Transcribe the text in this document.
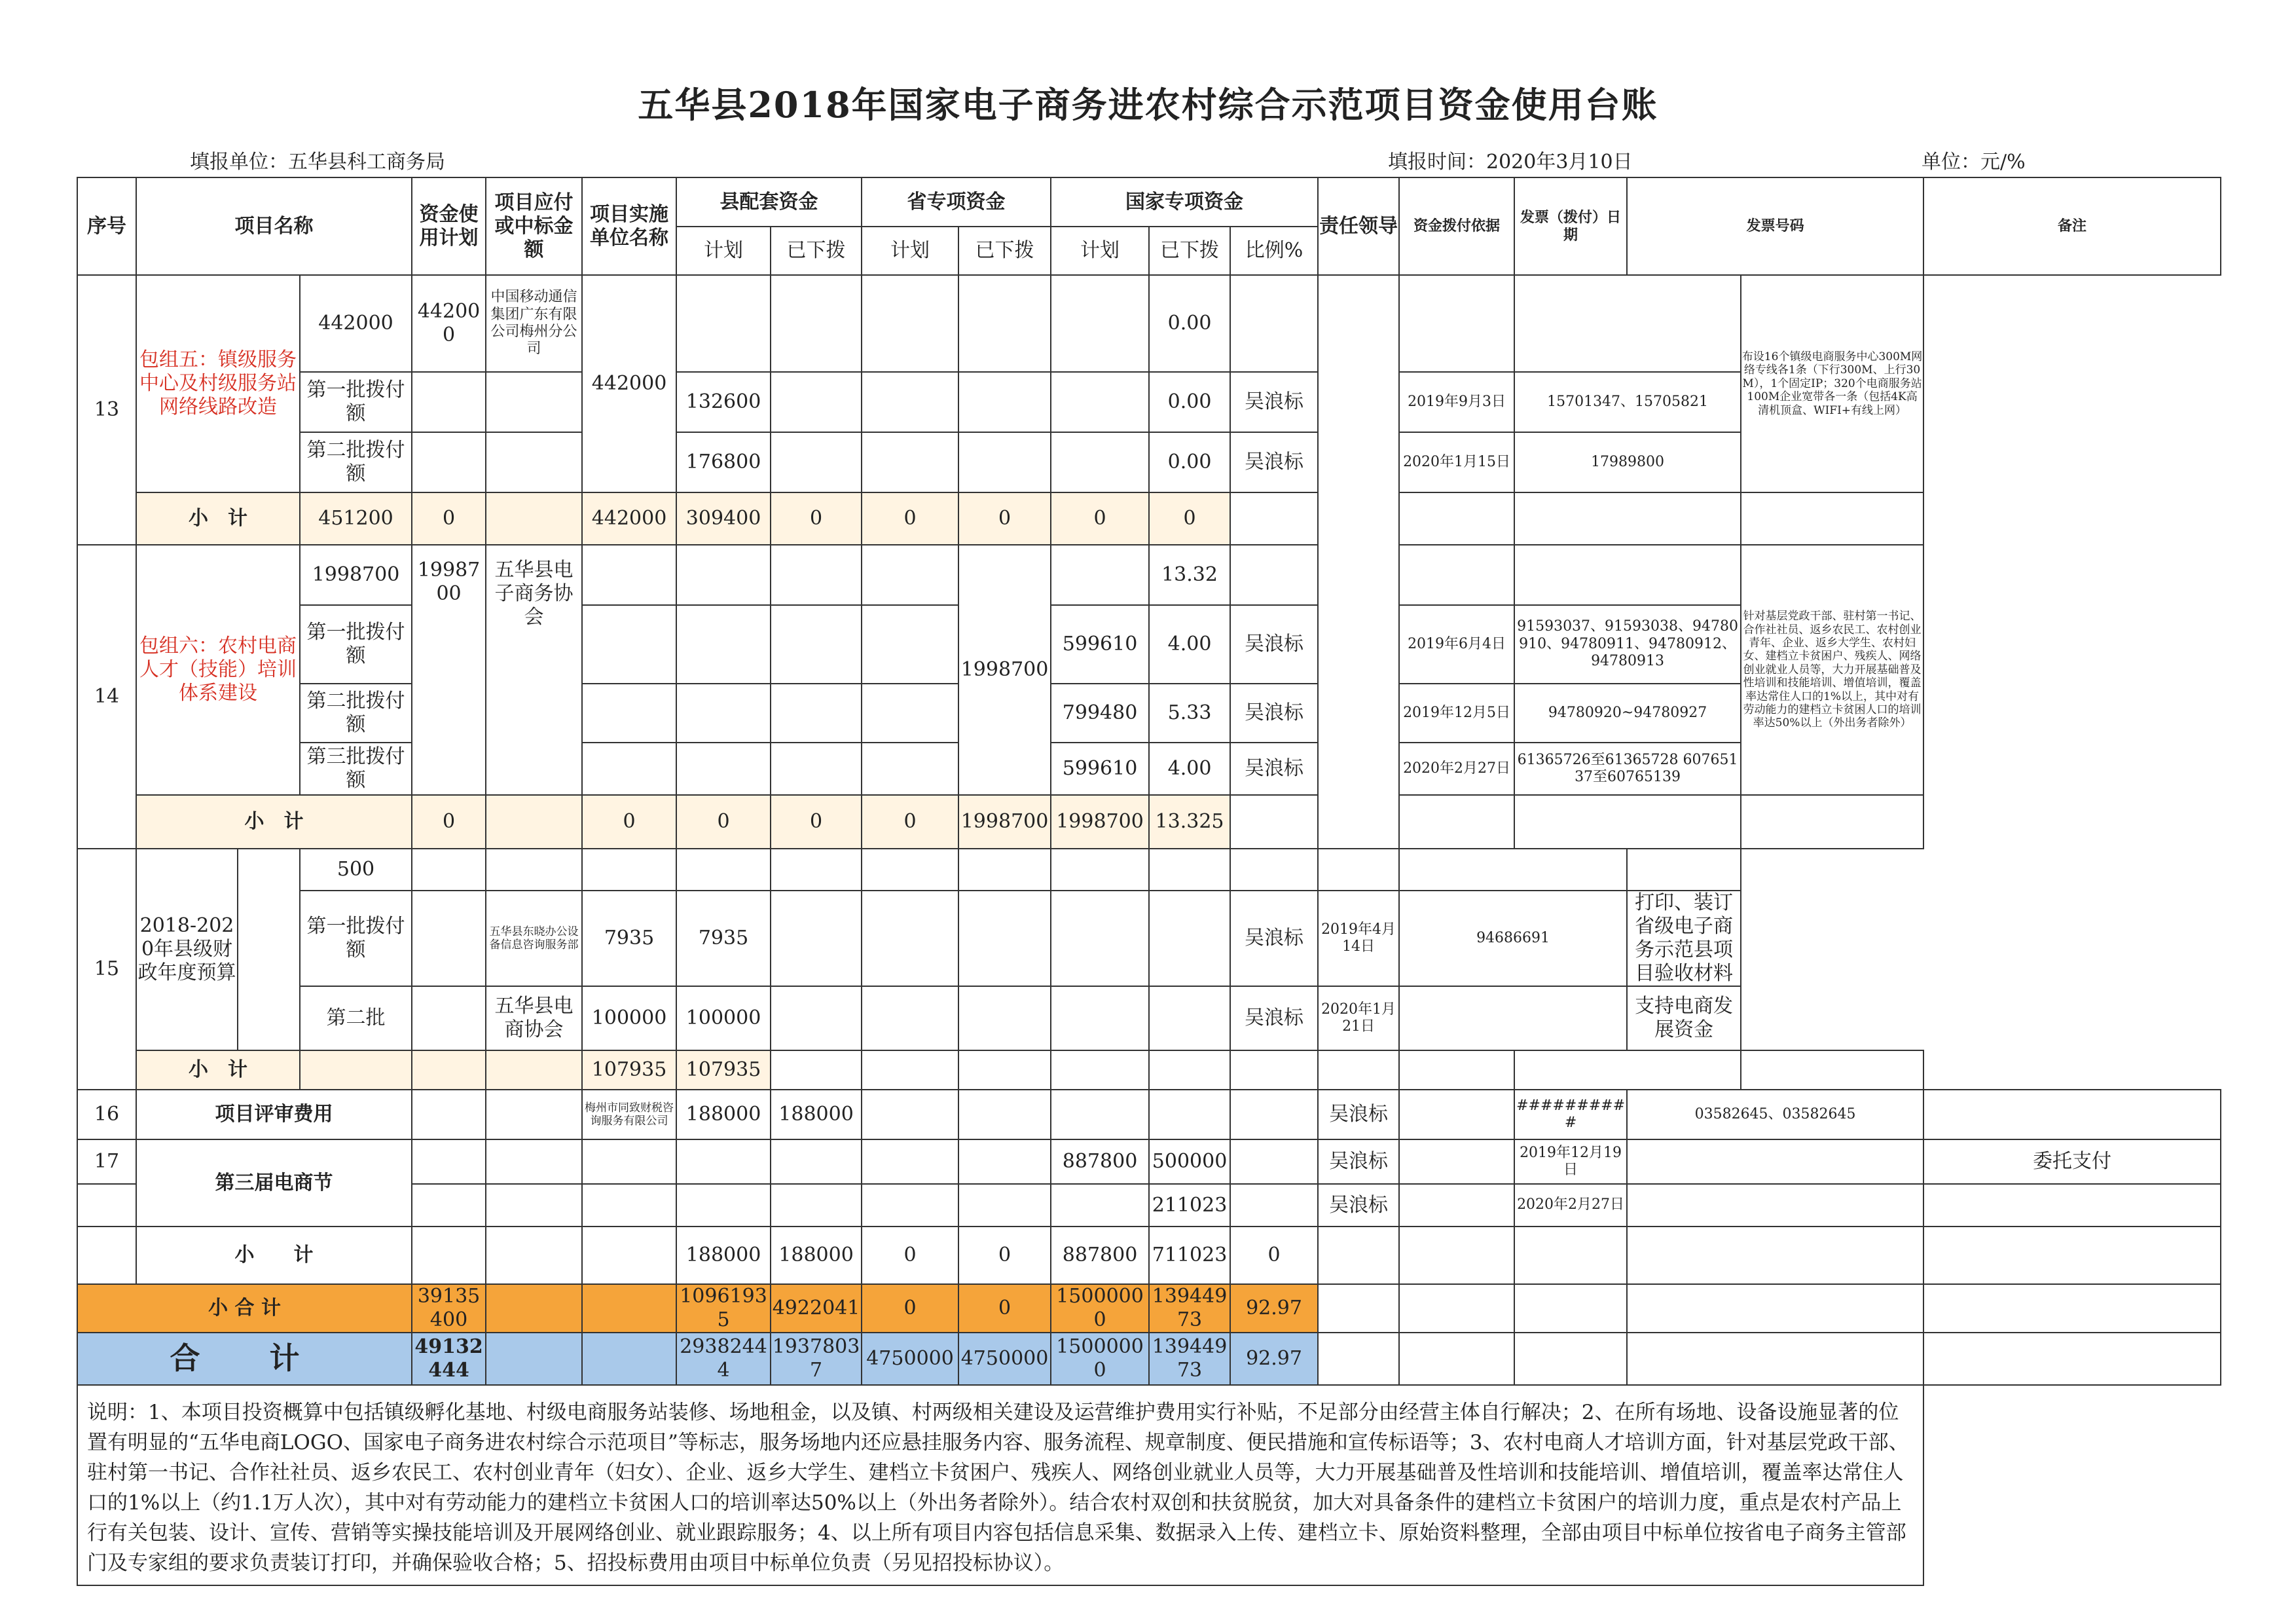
五华县2018年国家电子商务进农村综合示范项目资金使用台账
填报单位：五华县科工商务局	填报时间：2020年3月10日	单位：元/%
序号	项目名称			资金使用计划	项目应付或中标金额	项目实施单位名称	县配套资金		省专项资金		国家专项资金			责任领导	资金拨付依据	发票（拨付）日期	发票号码		备注
							计划	已下拨	计划	已下拨	计划	已下拨	比例%						
13	包组五：镇级服务中心及村级服务站网络线路改造		442000	442000	中国移动通信集团广东有限公司梅州分公司	442000						0.00						布设16个镇级电商服务中心300M网络专线各1条（下行300M、上行30M），1个固定IP；320个电商服务站100M企业宽带各一条（包括4K高清机顶盒、WIFI+有线上网）	
			第一批拨付额				132600					0.00	吴浪标		2019年9月3日	15701347、15705821			
			第二批拨付额				176800					0.00	吴浪标		2020年1月15日	17989800			
	小　计		451200	0		442000	309400	0	0	0	0	0							
14	包组六：农村电商人才（技能）培训体系建设		1998700	1998700	五华县电子商务协会					1998700		13.32						针对基层党政干部、驻村第一书记、合作社社员、返乡农民工、农村创业青年、企业、返乡大学生、农村妇女、建档立卡贫困户、残疾人、网络创业就业人员等，大力开展基础普及性培训和技能培训、增值培训，覆盖率达常住人口的1%以上，其中对有劳动能力的建档立卡贫困人口的培训率达50%以上（外出务者除外）	
			第一批拨付额								599610	4.00	吴浪标		2019年6月4日	91593037、91593038、94780910、94780911、94780912、94780913			
			第二批拨付额								799480	5.33	吴浪标		2019年12月5日	94780920~94780927			
			第三批拨付额								599610	4.00	吴浪标		2020年2月27日	61365726至61365728 60765137至60765139			
	小　计			0		0	0	0	0	1998700	1998700	13.325							
15	2018-2020年县级财政年度预算		500																
			第一批拨付额		五华县东晓办公设备信息咨询服务部	7935	7935						吴浪标	2019年4月14日	94686691		打印、装订省级电子商务示范县项目验收材料		
			第二批		五华县电商协会	100000	100000						吴浪标	2020年1月21日			支持电商发展资金		
	小　计					107935	107935												
16	项目评审费用					梅州市同致财税咨询服务有限公司	188000	188000						吴浪标		##########	03582645、03582645		
17	第三届电商节										887800	500000		吴浪标		2019年12月19日			委托支付
												211023		吴浪标		2020年2月27日			
	小　　计						188000	188000	0	0	887800	711023	0						
小 合 计				39135400			10961935	4922041	0	0	15000000	13944973	92.97						
合　计				49132444			29382444	19378037	4750000	4750000	15000000	13944973	92.97						
说明：1、本项目投资概算中包括镇级孵化基地、村级电商服务站装修、场地租金，以及镇、村两级相关建设及运营维护费用实行补贴，不足部分由经营主体自行解决；2、在所有场地、设备设施显著的位置有明显的“五华电商LOGO、国家电子商务进农村综合示范项目”等标志，服务场地内还应悬挂服务内容、服务流程、规章制度、便民措施和宣传标语等；3、农村电商人才培训方面，针对基层党政干部、驻村第一书记、合作社社员、返乡农民工、农村创业青年（妇女）、企业、返乡大学生、建档立卡贫困户、残疾人、网络创业就业人员等，大力开展基础普及性培训和技能培训、增值培训，覆盖率达常住人口的1%以上（约1.1万人次），其中对有劳动能力的建档立卡贫困人口的培训率达50%以上（外出务者除外）。结合农村双创和扶贫脱贫，加大对具备条件的建档立卡贫困户的培训力度，重点是农村产品上行有关包装、设计、宣传、营销等实操技能培训及开展网络创业、就业跟踪服务；4、以上所有项目内容包括信息采集、数据录入上传、建档立卡、原始资料整理，全部由项目中标单位按省电子商务主管部门及专家组的要求负责装订打印，并确保验收合格；5、招投标费用由项目中标单位负责（另见招投标协议）。																			
